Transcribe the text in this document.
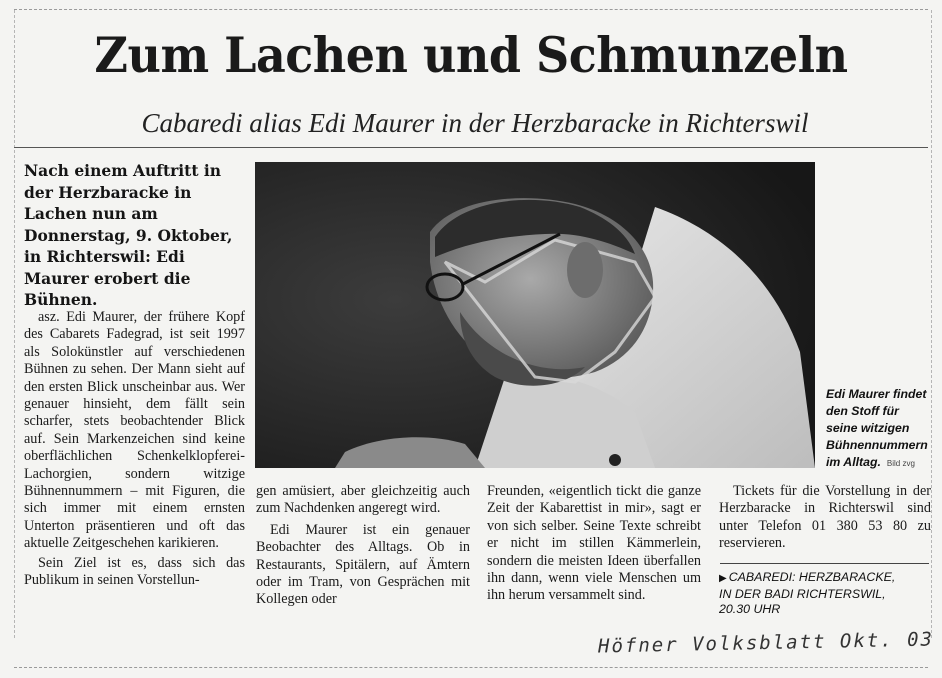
Zum Lachen und Schmunzeln
Cabaredi alias Edi Maurer in der Herzbaracke in Richterswil
Nach einem Auftritt in der Herzbaracke in Lachen nun am Donnerstag, 9. Oktober, in Richterswil: Edi Maurer erobert die Bühnen.

asz. Edi Maurer, der frühere Kopf des Cabarets Fadegrad, ist seit 1997 als Solokünstler auf verschiedenen Bühnen zu sehen. Der Mann sieht auf den ersten Blick unscheinbar aus. Wer genauer hinsieht, dem fällt sein scharfer, stets beobachtender Blick auf. Sein Markenzeichen sind keine oberflächlichen Schenkelklopferei-Lachorgien, sondern witzige Bühnennummern – mit Figuren, die sich immer mit einem ernsten Unterton präsentieren und oft das aktuelle Zeitgeschehen karikieren.

Sein Ziel ist es, dass sich das Publikum in seinen Vorstellun-

Edi Maurer findet den Stoff für seine witzigen Bühnennummern im Alltag. Bild zvg

gen amüsiert, aber gleichzeitig auch zum Nachdenken angeregt wird.

Edi Maurer ist ein genauer Beobachter des Alltags. Ob in Restaurants, Spitälern, auf Ämtern oder im Tram, von Gesprächen mit Kollegen oder

Freunden, «eigentlich tickt die ganze Zeit der Kabarettist in mir», sagt er von sich selber. Seine Texte schreibt er nicht im stillen Kämmerlein, sondern die meisten Ideen überfallen ihn dann, wenn viele Menschen um ihn herum versammelt sind.

Tickets für die Vorstellung in der Herzbaracke in Richterswil sind unter Telefon 01 380 53 80 zu reservieren.

▶ CABAREDI: HERZBARACKE,
IN DER BADI RICHTERSWIL,
20.30 UHR
Höfner Volksblatt Okt. 03
